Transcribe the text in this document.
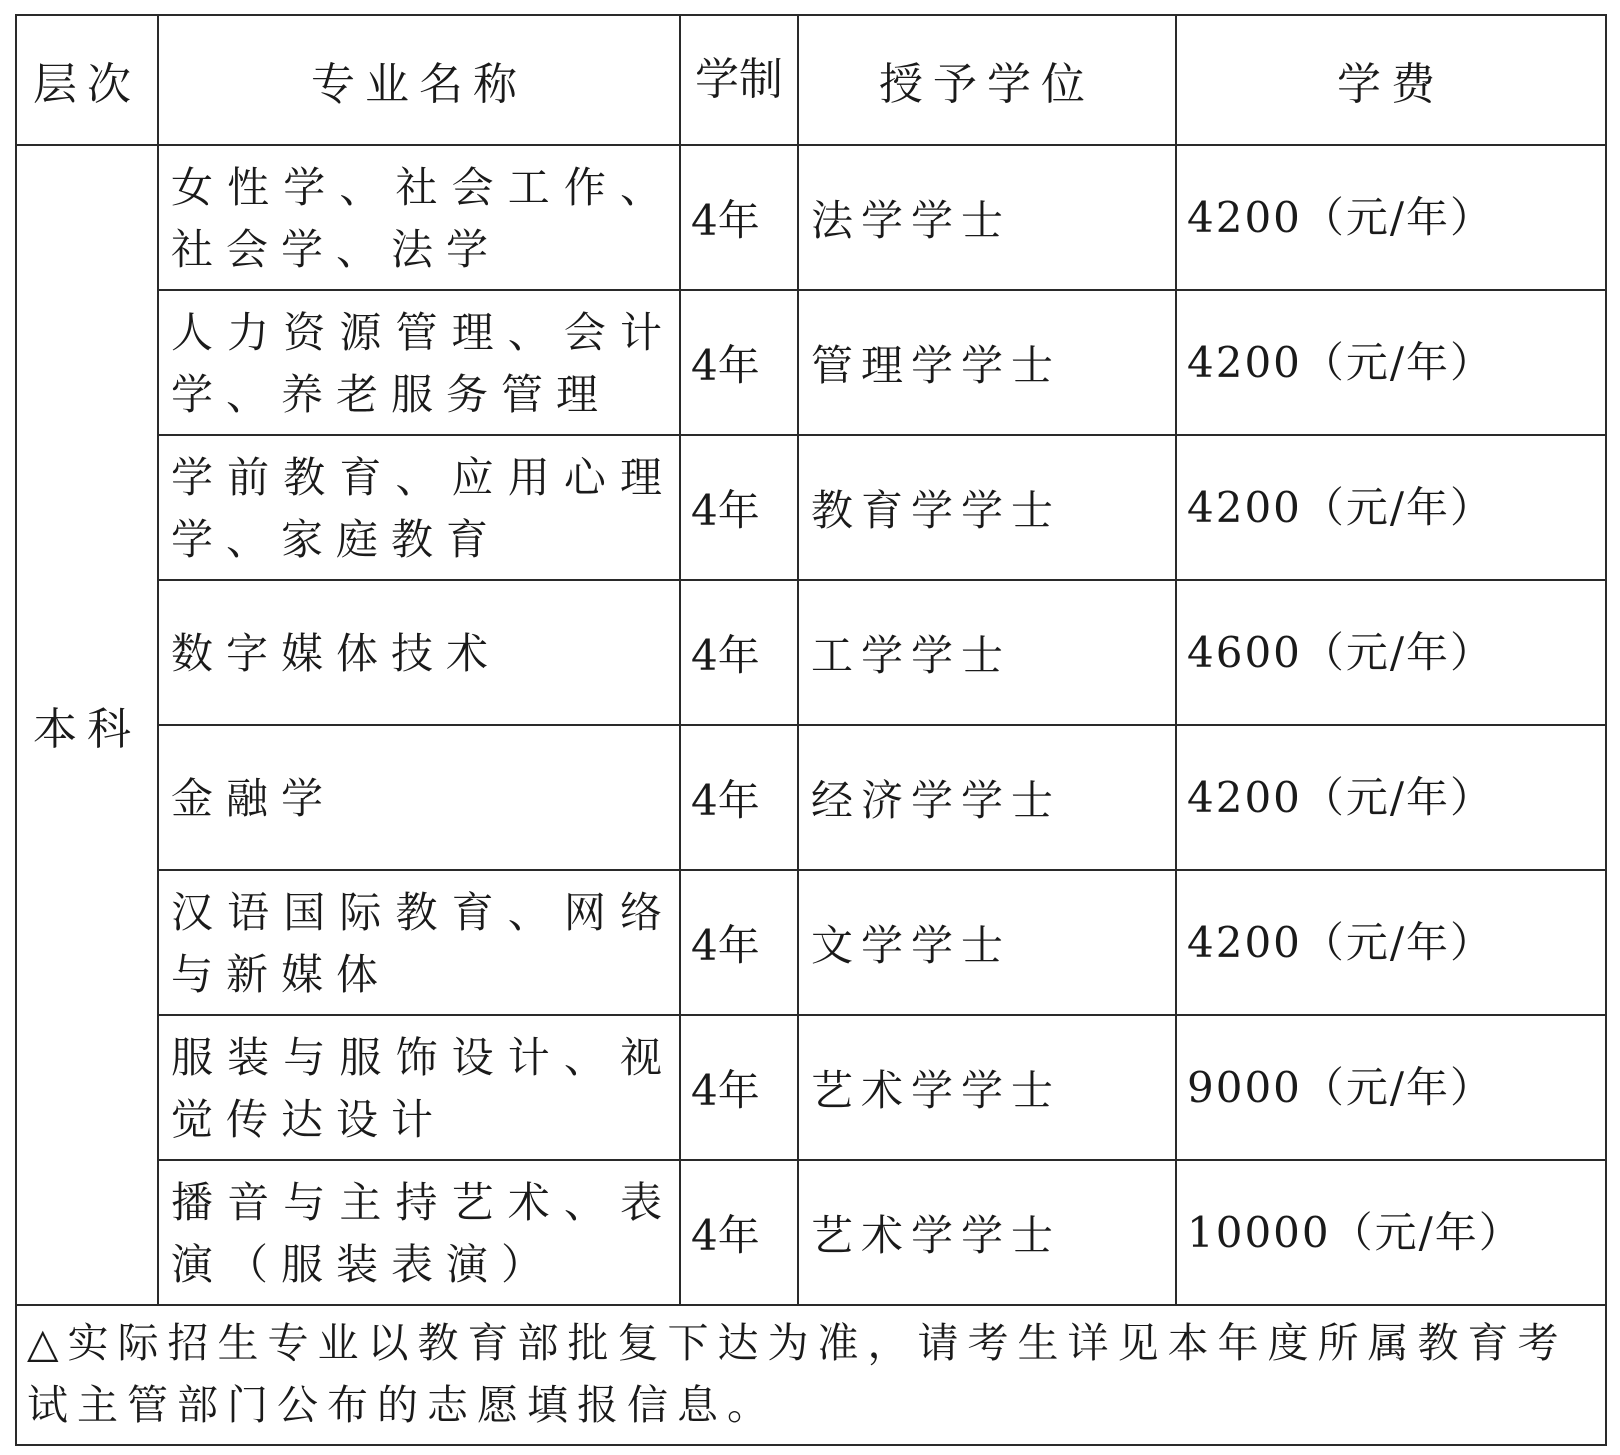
层次	专业名称	学制	授予学位	学费
本科	女性学、社会工作、社会学、法学	4年	法学学士	4200（元/年）
	人力资源管理、会计学、养老服务管理	4年	管理学学士	4200（元/年）
	学前教育、应用心理学、家庭教育	4年	教育学学士	4200（元/年）
	数字媒体技术	4年	工学学士	4600（元/年）
	金融学	4年	经济学学士	4200（元/年）
	汉语国际教育、网络与新媒体	4年	文学学士	4200（元/年）
	服装与服饰设计、视觉传达设计	4年	艺术学学士	9000（元/年）
	播音与主持艺术、表演（服装表演）	4年	艺术学学士	10000（元/年）

△实际招生专业以教育部批复下达为准，请考生详见本年度所属教育考试主管部门公布的志愿填报信息。				
